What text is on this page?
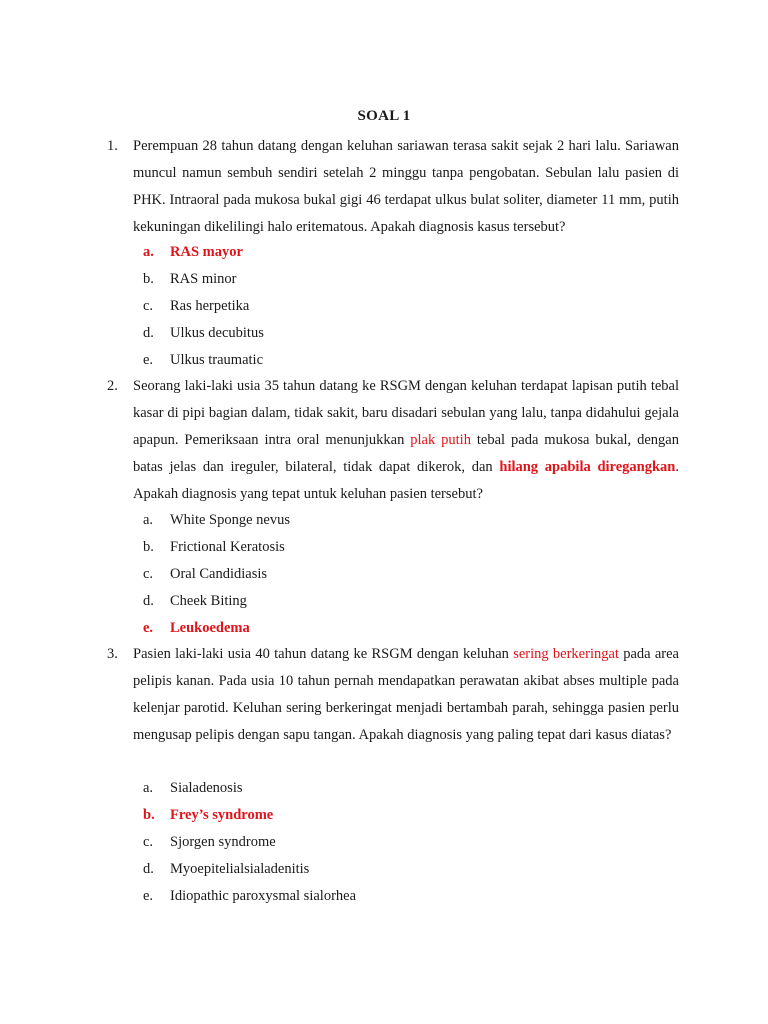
SOAL 1
1. Perempuan 28 tahun datang dengan keluhan sariawan terasa sakit sejak 2 hari lalu. Sariawan muncul namun sembuh sendiri setelah 2 minggu tanpa pengobatan. Sebulan lalu pasien di PHK. Intraoral pada mukosa bukal gigi 46 terdapat ulkus bulat soliter, diameter 11 mm, putih kekuningan dikelilingi halo eritematous. Apakah diagnosis kasus tersebut?
a. RAS mayor
b. RAS minor
c. Ras herpetika
d. Ulkus decubitus
e. Ulkus traumatic
2. Seorang laki-laki usia 35 tahun datang ke RSGM dengan keluhan terdapat lapisan putih tebal kasar di pipi bagian dalam, tidak sakit, baru disadari sebulan yang lalu, tanpa didahului gejala apapun. Pemeriksaan intra oral menunjukkan plak putih tebal pada mukosa bukal, dengan batas jelas dan ireguler, bilateral, tidak dapat dikerok, dan hilang apabila diregangkan. Apakah diagnosis yang tepat untuk keluhan pasien tersebut?
a. White Sponge nevus
b. Frictional Keratosis
c. Oral Candidiasis
d. Cheek Biting
e. Leukoedema
3. Pasien laki-laki usia 40 tahun datang ke RSGM dengan keluhan sering berkeringat pada area pelipis kanan. Pada usia 10 tahun pernah mendapatkan perawatan akibat abses multiple pada kelenjar parotid. Keluhan sering berkeringat menjadi bertambah parah, sehingga pasien perlu mengusap pelipis dengan sapu tangan. Apakah diagnosis yang paling tepat dari kasus diatas?
a. Sialadenosis
b. Frey’s syndrome
c. Sjorgen syndrome
d. Myoepitelialsialadenitis
e. Idiopathic paroxysmal sialorhea
